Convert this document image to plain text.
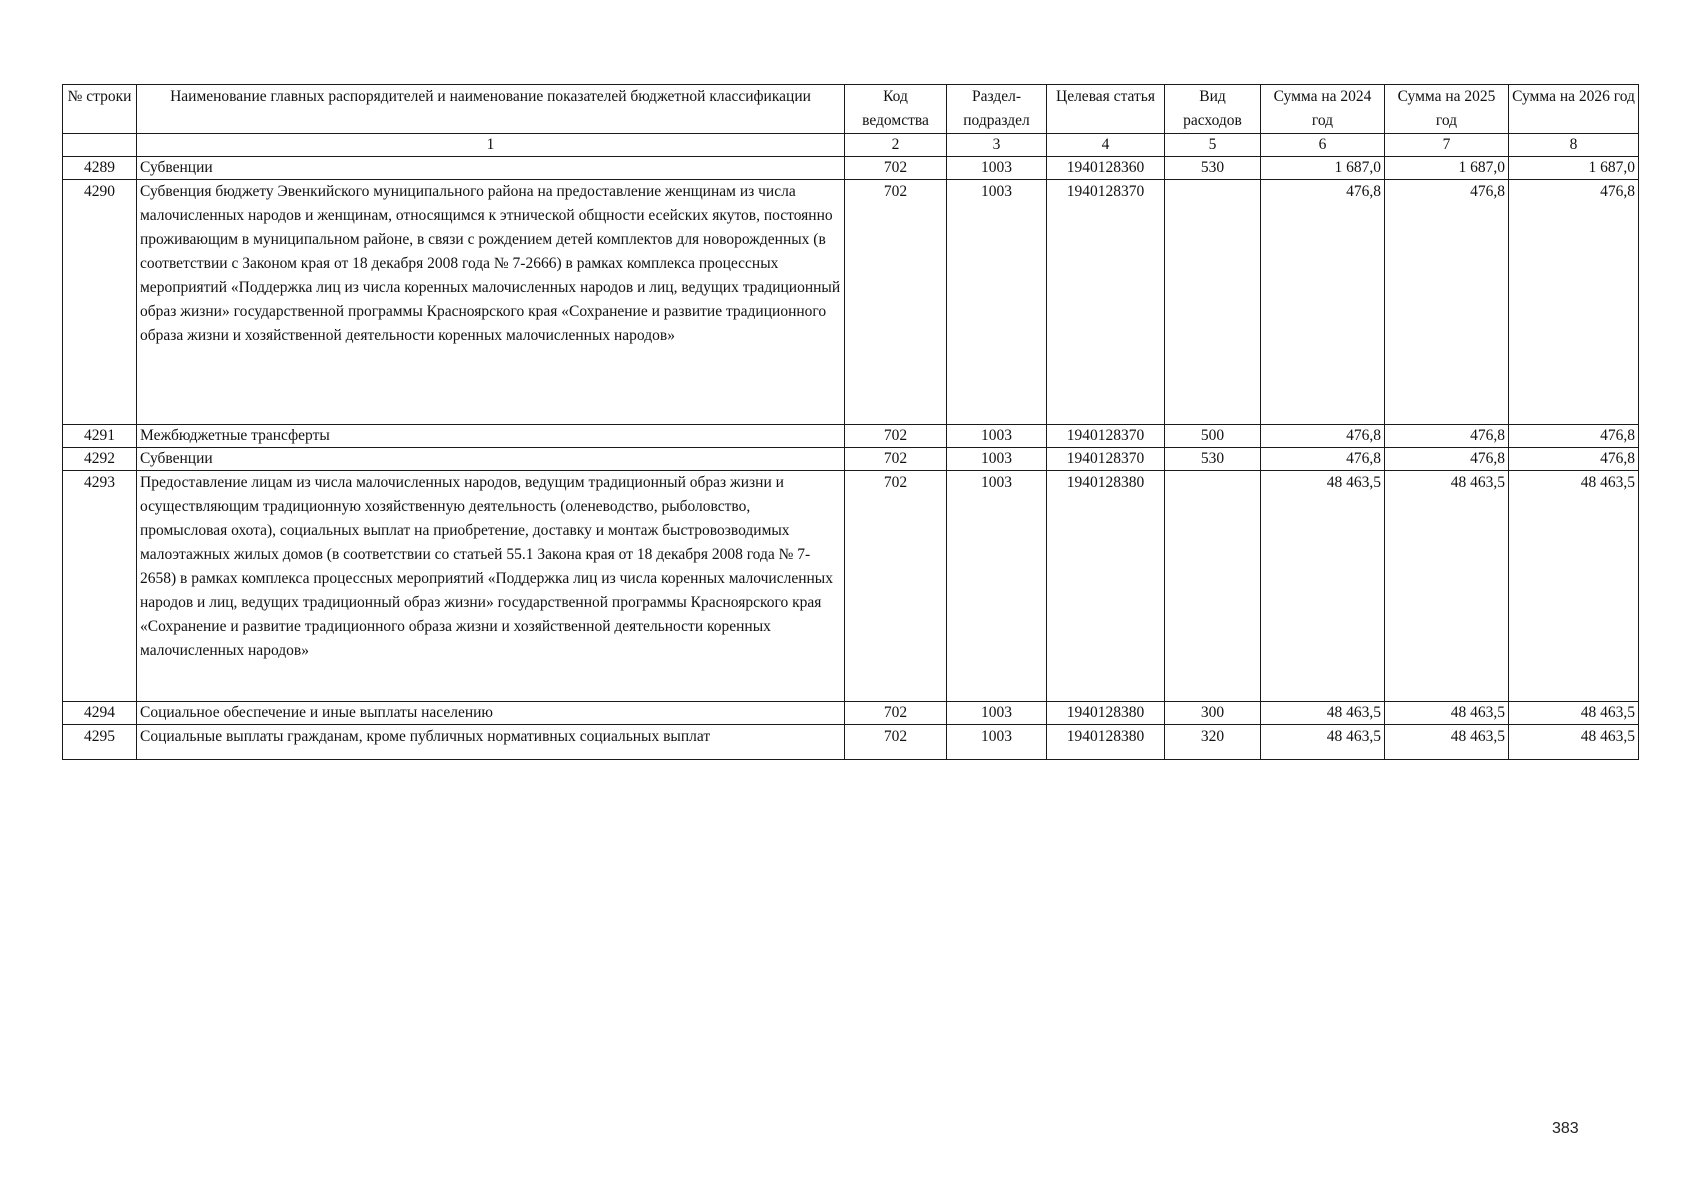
№ строки	Наименование главных распорядителей и наименование показателей бюджетной классификации	Код ведомства	Раздел-подраздел	Целевая статья	Вид расходов	Сумма на 2024 год	Сумма на 2025 год	Сумма на 2026 год
	1	2	3	4	5	6	7	8
4289	Субвенции	702	1003	1940128360	530	1 687,0	1 687,0	1 687,0
4290	Субвенция бюджету Эвенкийского муниципального района на предоставление женщинам из числа малочисленных народов и женщинам, относящимся к этнической общности есейских якутов, постоянно проживающим в муниципальном районе, в связи с рождением детей комплектов для новорожденных (в соответствии с Законом края от 18 декабря 2008 года № 7-2666) в рамках комплекса процессных мероприятий «Поддержка лиц из числа коренных малочисленных народов и лиц, ведущих традиционный образ жизни» государственной программы Красноярского края «Сохранение и развитие традиционного образа жизни и хозяйственной деятельности коренных малочисленных народов»	702	1003	1940128370		476,8	476,8	476,8
4291	Межбюджетные трансферты	702	1003	1940128370	500	476,8	476,8	476,8
4292	Субвенции	702	1003	1940128370	530	476,8	476,8	476,8
4293	Предоставление лицам из числа малочисленных народов, ведущим традиционный образ жизни и осуществляющим традиционную хозяйственную деятельность (оленеводство, рыболовство, промысловая охота), социальных выплат на приобретение, доставку и монтаж быстровозводимых малоэтажных жилых домов (в соответствии со статьей 55.1 Закона края от 18 декабря 2008 года № 7-2658) в рамках комплекса процессных мероприятий «Поддержка лиц из числа коренных малочисленных народов и лиц, ведущих традиционный образ жизни» государственной программы Красноярского края «Сохранение и развитие традиционного образа жизни и хозяйственной деятельности коренных малочисленных народов»	702	1003	1940128380		48 463,5	48 463,5	48 463,5
4294	Социальное обеспечение и иные выплаты населению	702	1003	1940128380	300	48 463,5	48 463,5	48 463,5
4295	Социальные выплаты гражданам, кроме публичных нормативных социальных выплат	702	1003	1940128380	320	48 463,5	48 463,5	48 463,5
383
